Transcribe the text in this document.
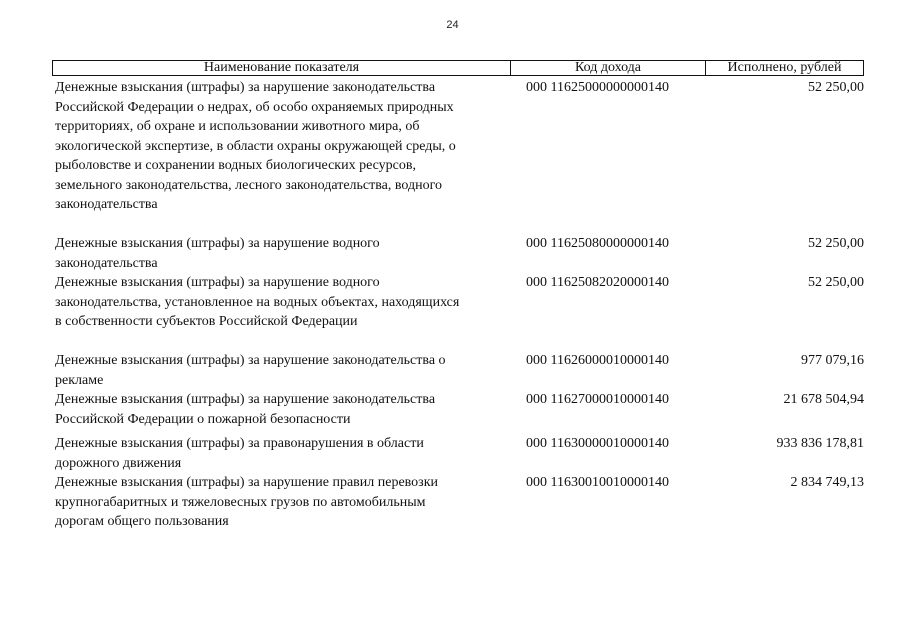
24
Наименование показателя	Код дохода	Исполнено, рублей
Денежные взыскания (штрафы) за нарушение законодательства
Российской Федерации о недрах, об особо охраняемых природных
территориях, об охране и использовании животного мира, об
экологической экспертизе, в области охраны окружающей среды, о
рыболовстве и сохранении водных биологических ресурсов,
земельного законодательства, лесного законодательства, водного
законодательства
000 11625000000000140	52 250,00
Денежные взыскания (штрафы) за нарушение водного
законодательства
000 11625080000000140	52 250,00
Денежные взыскания (штрафы) за нарушение водного
законодательства, установленное на водных объектах, находящихся
в собственности субъектов Российской Федерации
000 11625082020000140	52 250,00
Денежные взыскания (штрафы) за нарушение законодательства о
рекламе
000 11626000010000140	977 079,16
Денежные взыскания (штрафы) за нарушение законодательства
Российской Федерации о пожарной безопасности
000 11627000010000140	21 678 504,94
Денежные взыскания (штрафы) за правонарушения в области
дорожного движения
000 11630000010000140	933 836 178,81
Денежные взыскания (штрафы) за нарушение правил перевозки
крупногабаритных и тяжеловесных грузов по автомобильным
дорогам общего пользования
000 11630010010000140	2 834 749,13
